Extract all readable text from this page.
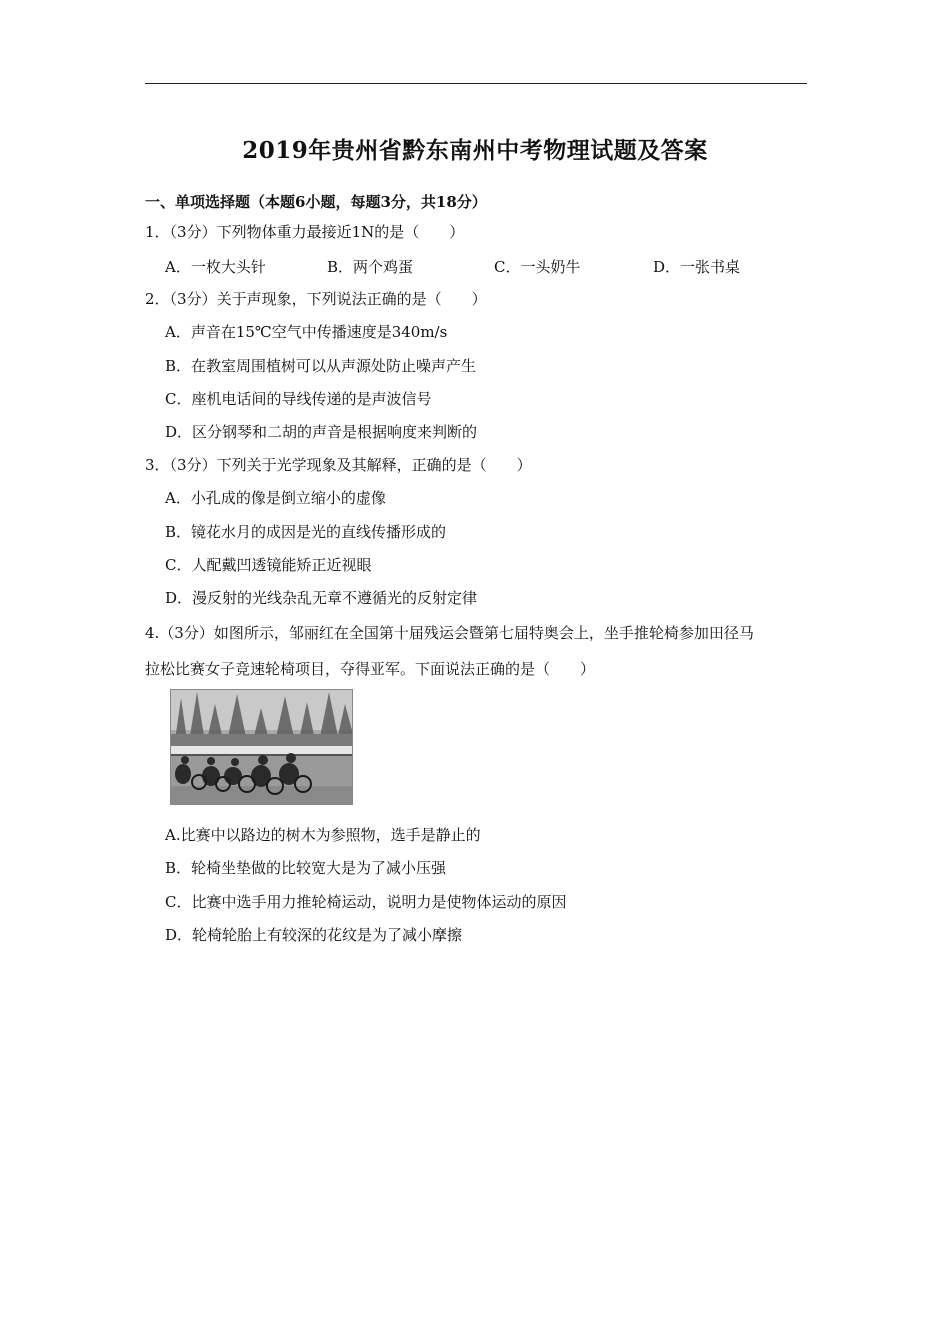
2019年贵州省黔东南州中考物理试题及答案
一、单项选择题（本题6小题，每题3分，共18分）
1．（3分）下列物体重力最接近1N的是（　　）
A．一枚大头针	B．两个鸡蛋	C．一头奶牛	D．一张书桌
2．（3分）关于声现象，下列说法正确的是（　　）
A．声音在15℃空气中传播速度是340m/s
B．在教室周围植树可以从声源处防止噪声产生
C．座机电话间的导线传递的是声波信号
D．区分钢琴和二胡的声音是根据响度来判断的
3．（3分）下列关于光学现象及其解释，正确的是（　　）
A．小孔成的像是倒立缩小的虚像
B．镜花水月的成因是光的直线传播形成的
C．人配戴凹透镜能矫正近视眼
D．漫反射的光线杂乱无章不遵循光的反射定律
4.（3分）如图所示，邹丽红在全国第十届残运会暨第七届特奥会上，坐手推轮椅参加田径马
拉松比赛女子竞速轮椅项目，夺得亚军。下面说法正确的是（　　）
A.比赛中以路边的树木为参照物，选手是静止的
B．轮椅坐垫做的比较宽大是为了减小压强
C．比赛中选手用力推轮椅运动，说明力是使物体运动的原因
D．轮椅轮胎上有较深的花纹是为了减小摩擦
